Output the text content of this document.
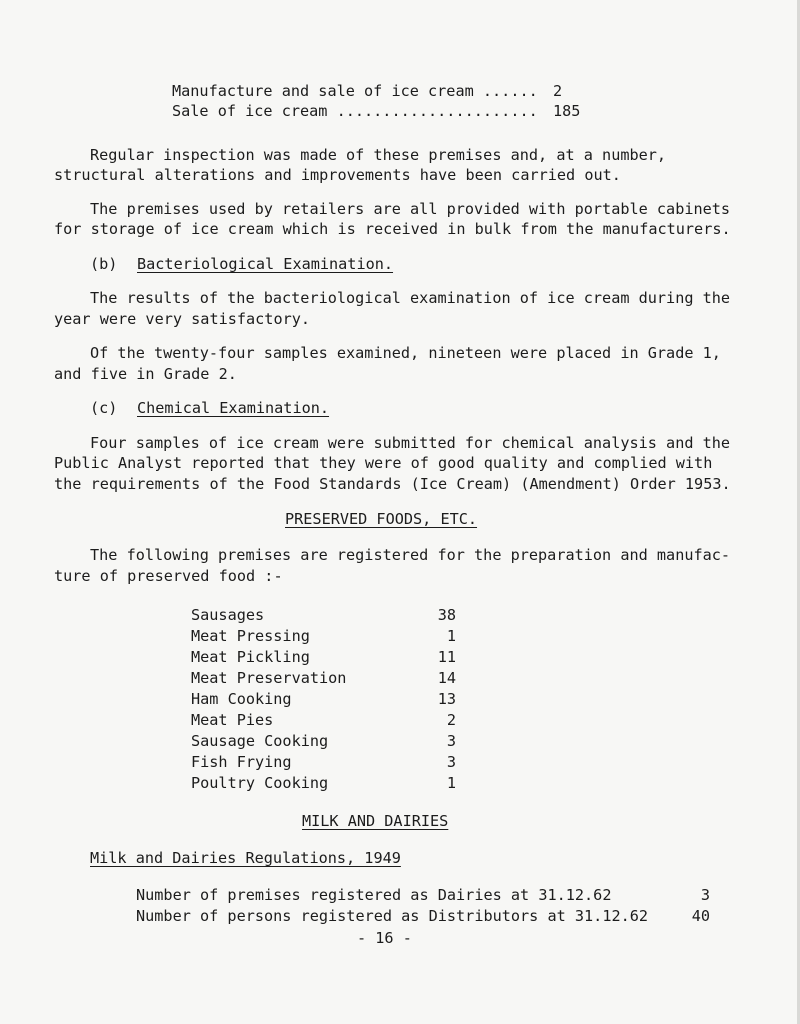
Manufacture and sale of ice cream ...... 2
Sale of ice cream ...................... 185
Regular inspection was made of these premises and, at a number,
structural alterations and improvements have been carried out.
The premises used by retailers are all provided with portable cabinets
for storage of ice cream which is received in bulk from the manufacturers.
(b) Bacteriological Examination.
The results of the bacteriological examination of ice cream during the
year were very satisfactory.
Of the twenty-four samples examined, nineteen were placed in Grade 1,
and five in Grade 2.
(c) Chemical Examination.
Four samples of ice cream were submitted for chemical analysis and the
Public Analyst reported that they were of good quality and complied with
the requirements of the Food Standards (Ice Cream) (Amendment) Order 1953.
PRESERVED FOODS, ETC.
The following premises are registered for the preparation and manufac-
ture of preserved food :-
Sausages	38
Meat Pressing	1
Meat Pickling	11
Meat Preservation	14
Ham Cooking	13
Meat Pies	2
Sausage Cooking	3
Fish Frying	3
Poultry Cooking	1
MILK AND DAIRIES
Milk and Dairies Regulations, 1949
Number of premises registered as Dairies at 31.12.62	3
Number of persons registered as Distributors at 31.12.62	40
- 16 -
